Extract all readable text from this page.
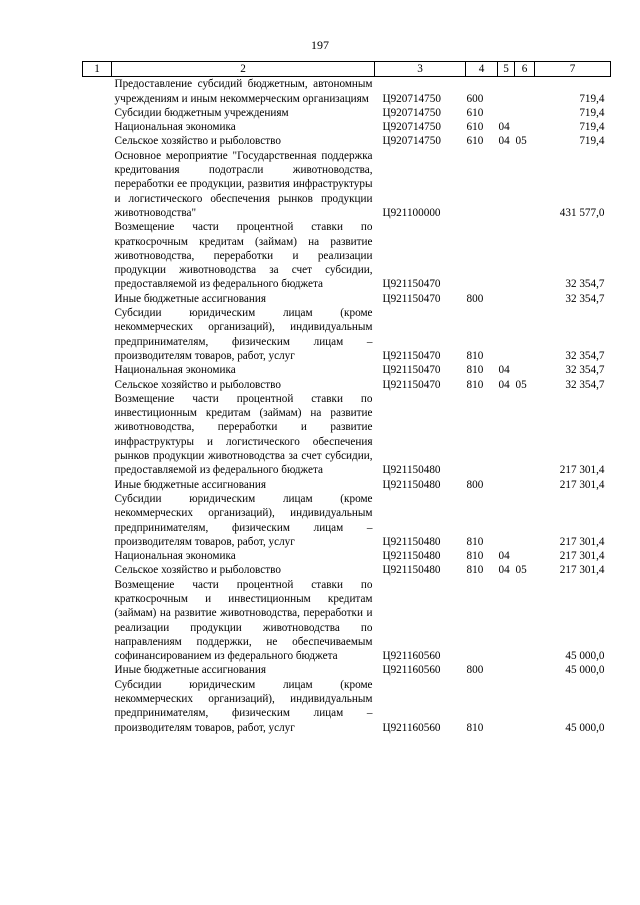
197
1	2	3	4	5	6	7
	Предоставление субсидий бюджетным, автономным учреждениям и иным некоммерческим организациям	Ц920714750	600			719,4
	Субсидии бюджетным учреждениям	Ц920714750	610			719,4
	Национальная экономика	Ц920714750	610	04		719,4
	Сельское хозяйство и рыболовство	Ц920714750	610	04	05	719,4
	Основное мероприятие "Государственная поддержка кредитования подотрасли животноводства, переработки ее продукции, развития инфраструктуры и логистического обеспечения рынков продукции животноводства"	Ц921100000				431 577,0
	Возмещение части процентной ставки по краткосрочным кредитам (займам) на развитие животноводства, переработки и реализации продукции животноводства за счет субсидии, предоставляемой из федерального бюджета	Ц921150470				32 354,7
	Иные бюджетные ассигнования	Ц921150470	800			32 354,7
	Субсидии юридическим лицам (кроме некоммерческих организаций), индивидуальным предпринимателям, физическим лицам – производителям товаров, работ, услуг	Ц921150470	810			32 354,7
	Национальная экономика	Ц921150470	810	04		32 354,7
	Сельское хозяйство и рыболовство	Ц921150470	810	04	05	32 354,7
	Возмещение части процентной ставки по инвестиционным кредитам (займам) на развитие животноводства, переработки и развитие инфраструктуры и логистического обеспечения рынков продукции животноводства за счет субсидии, предоставляемой из федерального бюджета	Ц921150480				217 301,4
	Иные бюджетные ассигнования	Ц921150480	800			217 301,4
	Субсидии юридическим лицам (кроме некоммерческих организаций), индивидуальным предпринимателям, физическим лицам – производителям товаров, работ, услуг	Ц921150480	810			217 301,4
	Национальная экономика	Ц921150480	810	04		217 301,4
	Сельское хозяйство и рыболовство	Ц921150480	810	04	05	217 301,4
	Возмещение части процентной ставки по краткосрочным и инвестиционным кредитам (займам) на развитие животноводства, переработки и реализации продукции животноводства по направлениям поддержки, не обеспечиваемым софинансированием из федерального бюджета	Ц921160560				45 000,0
	Иные бюджетные ассигнования	Ц921160560	800			45 000,0
	Субсидии юридическим лицам (кроме некоммерческих организаций), индивидуальным предпринимателям, физическим лицам – производителям товаров, работ, услуг	Ц921160560	810			45 000,0
